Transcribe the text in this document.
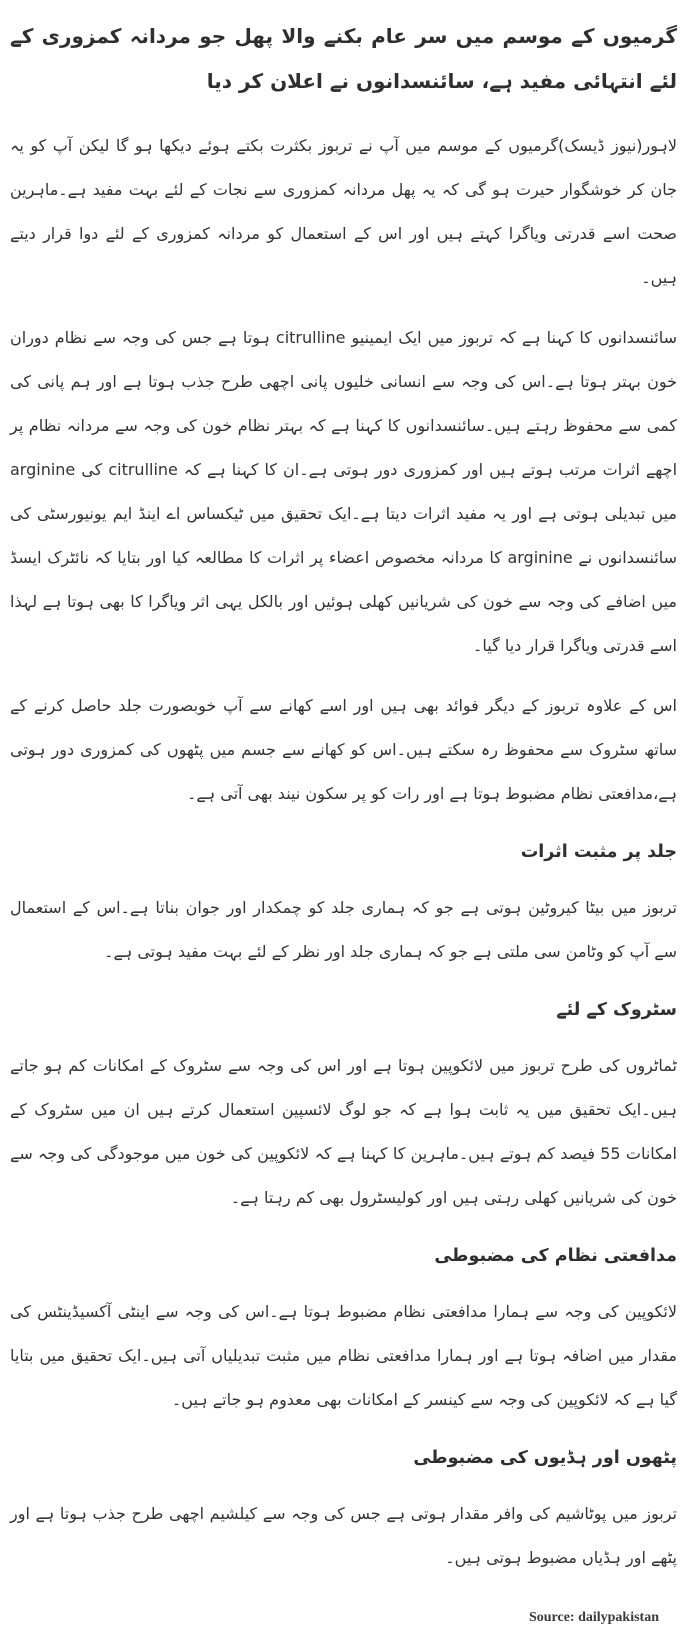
گرمیوں کے موسم میں سر عام بکنے والا پھل جو مردانہ کمزوری کے لئے انتہائی مفید ہے، سائنسدانوں نے اعلان کر دیا

لاہور(نیوز ڈیسک)گرمیوں کے موسم میں آپ نے تربوز بکثرت بکتے ہوئے دیکھا ہو گا لیکن آپ کو یہ جان کر خوشگوار حیرت ہو گی کہ یہ پھل مردانہ کمزوری سے نجات کے لئے بہت مفید ہے۔ماہرین صحت اسے قدرتی ویاگرا کہتے ہیں اور اس کے استعمال کو مردانہ کمزوری کے لئے دوا قرار دیتے ہیں۔

سائنسدانوں کا کہنا ہے کہ تربوز میں ایک ایمینیو citrulline ہوتا ہے جس کی وجہ سے نظام دوران خون بہتر ہوتا ہے۔اس کی وجہ سے انسانی خلیوں پانی اچھی طرح جذب ہوتا ہے اور ہم پانی کی کمی سے محفوظ رہتے ہیں۔سائنسدانوں کا کہنا ہے کہ بہتر نظام خون کی وجہ سے مردانہ نظام پر اچھے اثرات مرتب ہوتے ہیں اور کمزوری دور ہوتی ہے۔ان کا کہنا ہے کہ citrulline کی arginine میں تبدیلی ہوتی ہے اور یہ مفید اثرات دیتا ہے۔ایک تحقیق میں ٹیکساس اے اینڈ ایم یونیورسٹی کی سائنسدانوں نے arginine کا مردانہ مخصوص اعضاء پر اثرات کا مطالعہ کیا اور بتایا کہ نائٹرک ایسڈ میں اضافے کی وجہ سے خون کی شریانیں کھلی ہوئیں اور بالکل یہی اثر ویاگرا کا بھی ہوتا ہے لہذا اسے قدرتی ویاگرا قرار دیا گیا۔

اس کے علاوہ تربوز کے دیگر فوائد بھی ہیں اور اسے کھانے سے آپ خوبصورت جلد حاصل کرنے کے ساتھ سٹروک سے محفوظ رہ سکتے ہیں۔اس کو کھانے سے جسم میں پٹھوں کی کمزوری دور ہوتی ہے،مدافعتی نظام مضبوط ہوتا ہے اور رات کو پر سکون نیند بھی آتی ہے۔

جلد پر مثبت اثرات

تربوز میں بیٹا کیروٹین ہوتی ہے جو کہ ہماری جلد کو چمکدار اور جوان بناتا ہے۔اس کے استعمال سے آپ کو وٹامن سی ملتی ہے جو کہ ہماری جلد اور نظر کے لئے بہت مفید ہوتی ہے۔

سٹروک کے لئے

ٹماٹروں کی طرح تربوز میں لائکوپین ہوتا ہے اور اس کی وجہ سے سٹروک کے امکانات کم ہو جاتے ہیں۔ایک تحقیق میں یہ ثابت ہوا ہے کہ جو لوگ لائسپین استعمال کرتے ہیں ان میں سٹروک کے امکانات 55 فیصد کم ہوتے ہیں۔ماہرین کا کہنا ہے کہ لائکوپین کی خون میں موجودگی کی وجہ سے خون کی شریانیں کھلی رہتی ہیں اور کولیسٹرول بھی کم رہتا ہے۔

مدافعتی نظام کی مضبوطی

لائکوپین کی وجہ سے ہمارا مدافعتی نظام مضبوط ہوتا ہے۔اس کی وجہ سے اینٹی آکسیڈینٹس کی مقدار میں اضافہ ہوتا ہے اور ہمارا مدافعتی نظام میں مثبت تبدیلیاں آتی ہیں۔ایک تحقیق میں بتایا گیا ہے کہ لائکوپین کی وجہ سے کینسر کے امکانات بھی معدوم ہو جاتے ہیں۔

پٹھوں اور ہڈیوں کی مضبوطی

تربوز میں پوٹاشیم کی وافر مقدار ہوتی ہے جس کی وجہ سے کیلشیم اچھی طرح جذب ہوتا ہے اور پٹھے اور ہڈیاں مضبوط ہوتی ہیں۔

Source: dailypakistan
